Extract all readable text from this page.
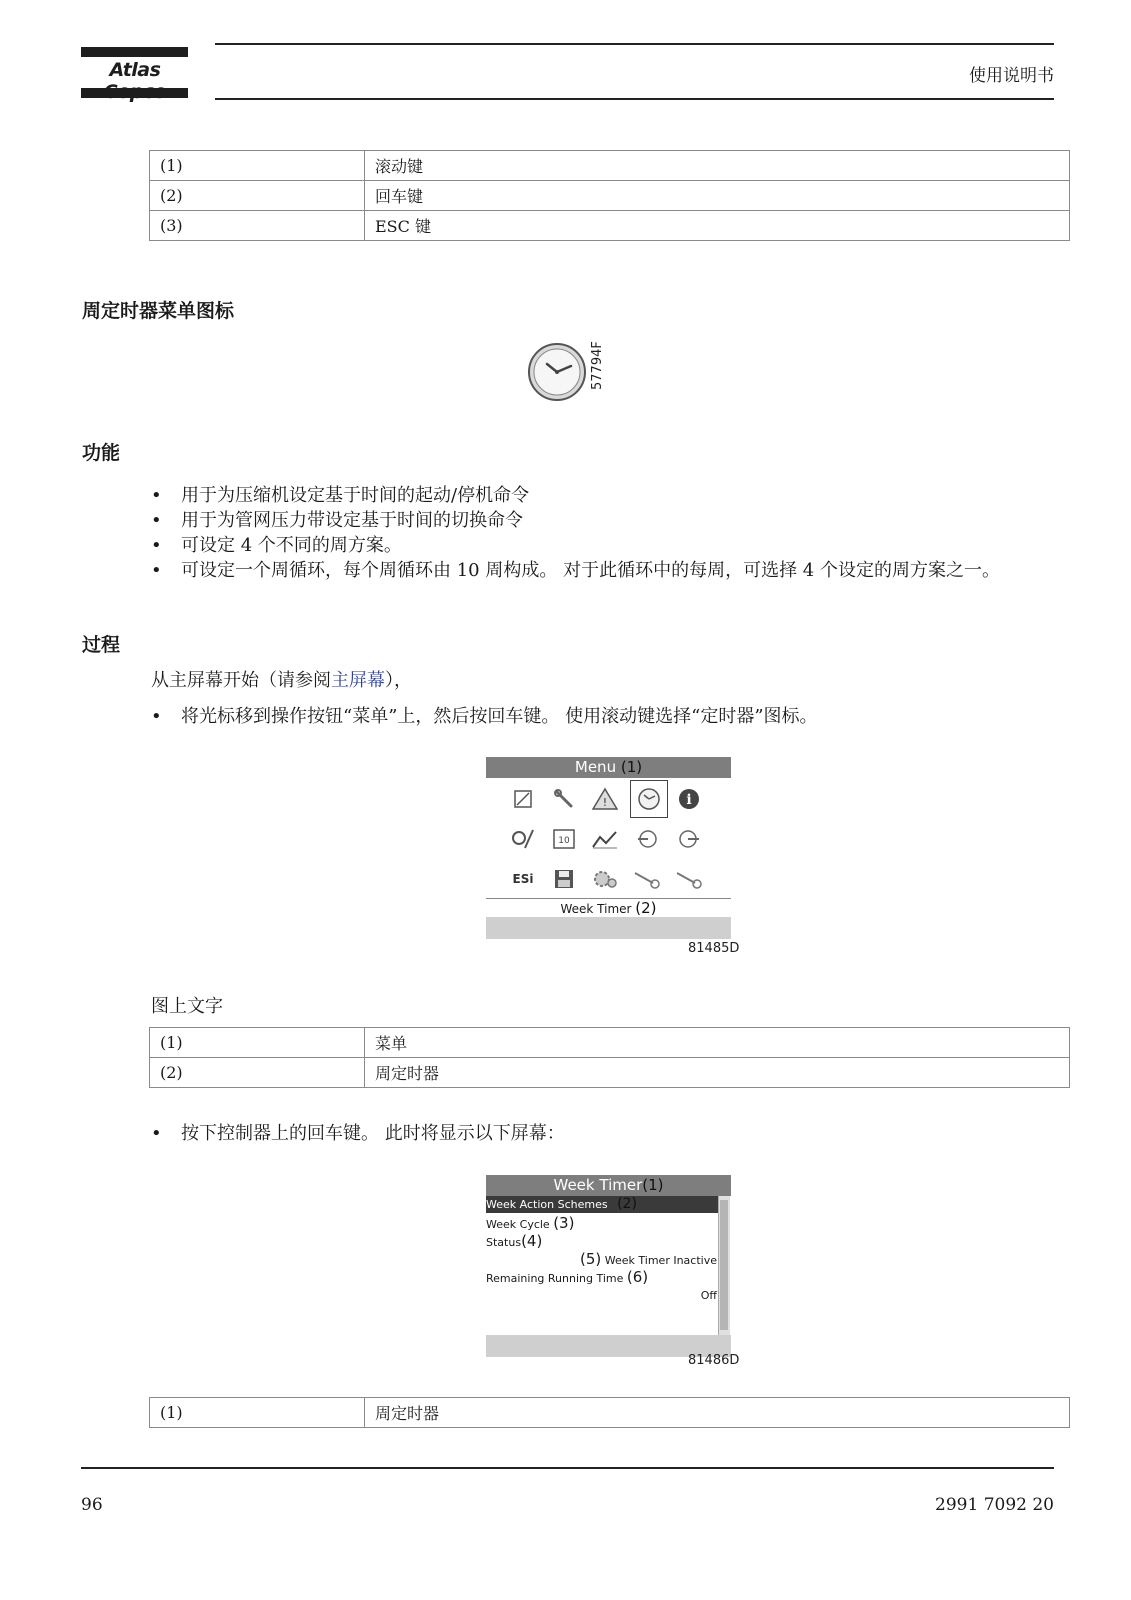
Atlas	使用说明书
(1)	滚动键
(2)	回车键
(3)	ESC 键
周定时器菜单图标
57794F
功能
• 用于为压缩机设定基于时间的起动/停机命令
• 用于为管网压力带设定基于时间的切换命令
• 可设定 4 个不同的周方案。
• 可设定一个周循环，每个周循环由 10 周构成。 对于此循环中的每周，可选择 4 个设定的周方案之一。
过程
从主屏幕开始（请参阅主屏幕），
• 将光标移到操作按钮“菜单”上，然后按回车键。 使用滚动键选择“定时器”图标。
Menu (1)
!	i
10
ESi
Week Timer (2)
81485D
图上文字
(1)	菜单
(2)	周定时器
• 按下控制器上的回车键。 此时将显示以下屏幕：
Week Timer(1)
Week Action Schemes (2)
Week Cycle (3)
Status(4)
(5) Week Timer Inactive
Remaining Running Time (6)
Off
81486D
(1)	周定时器
96	2991 7092 20
